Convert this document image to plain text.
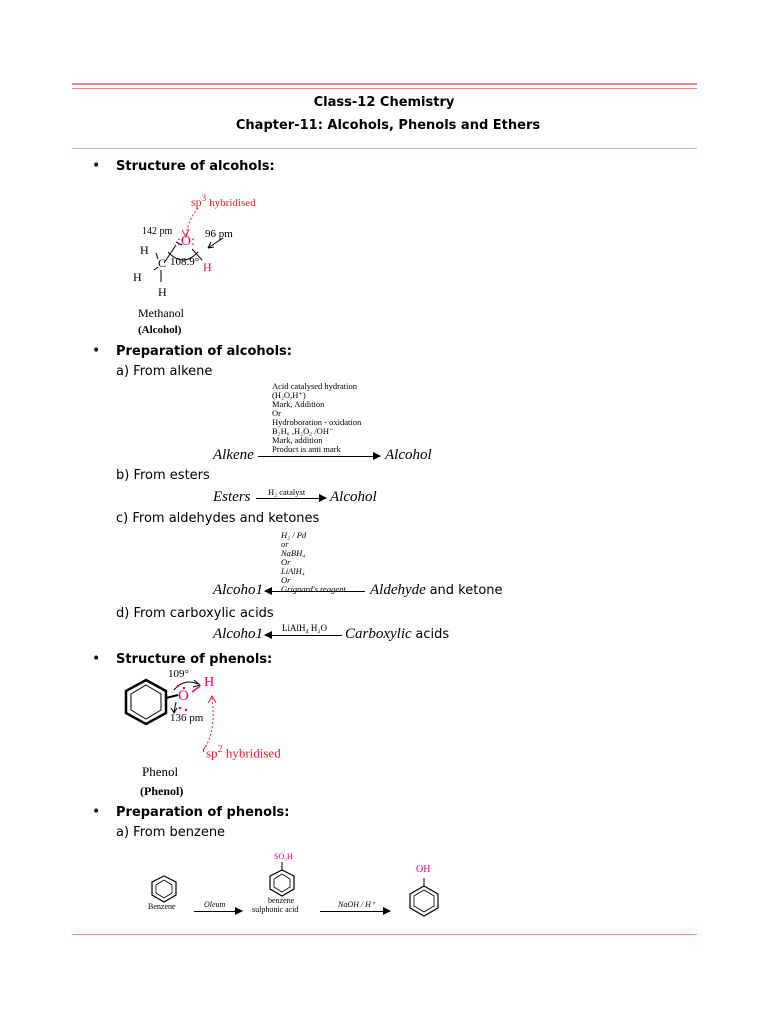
Class-12 Chemistry
Chapter-11: Alcohols, Phenols and Ethers
• Structure of alcohols:
$sp^3$ hybridised
142 pm	96 pm
:O:
H
C 108.9° H
H
H
Methanol
(Alcohol)
• Preparation of alcohols:
a) From alkene
Acid catalysed hydration
(H₂O,H⁺)
Mark, Addition
Or
Hydroboration - oxidation
B₂H₆ ,H₂O₂ /OH⁻
Mark, addition
Product is anti mark
Alkene	Alcohol
b) From esters
H₂ catalyst
Esters	Alcohol
c) From aldehydes and ketones
H₂ / Pd
or
NaBH₄
Or
LiAlH₄
Or
Grignard's reagent
Alcoho1	Aldehyde and ketone
d) From carboxylic acids
LiAlH₄ H₂O
Alcoho1	Carboxylic acids
• Structure of phenols:
109°
H
O
136 pm
$sp^2$ hybridised
Phenol
(Phenol)
• Preparation of phenols:
a) From benzene
Benzene	Oleum
SO₃H
benzene
sulphonic acid
NaOH / H⁺
OH
